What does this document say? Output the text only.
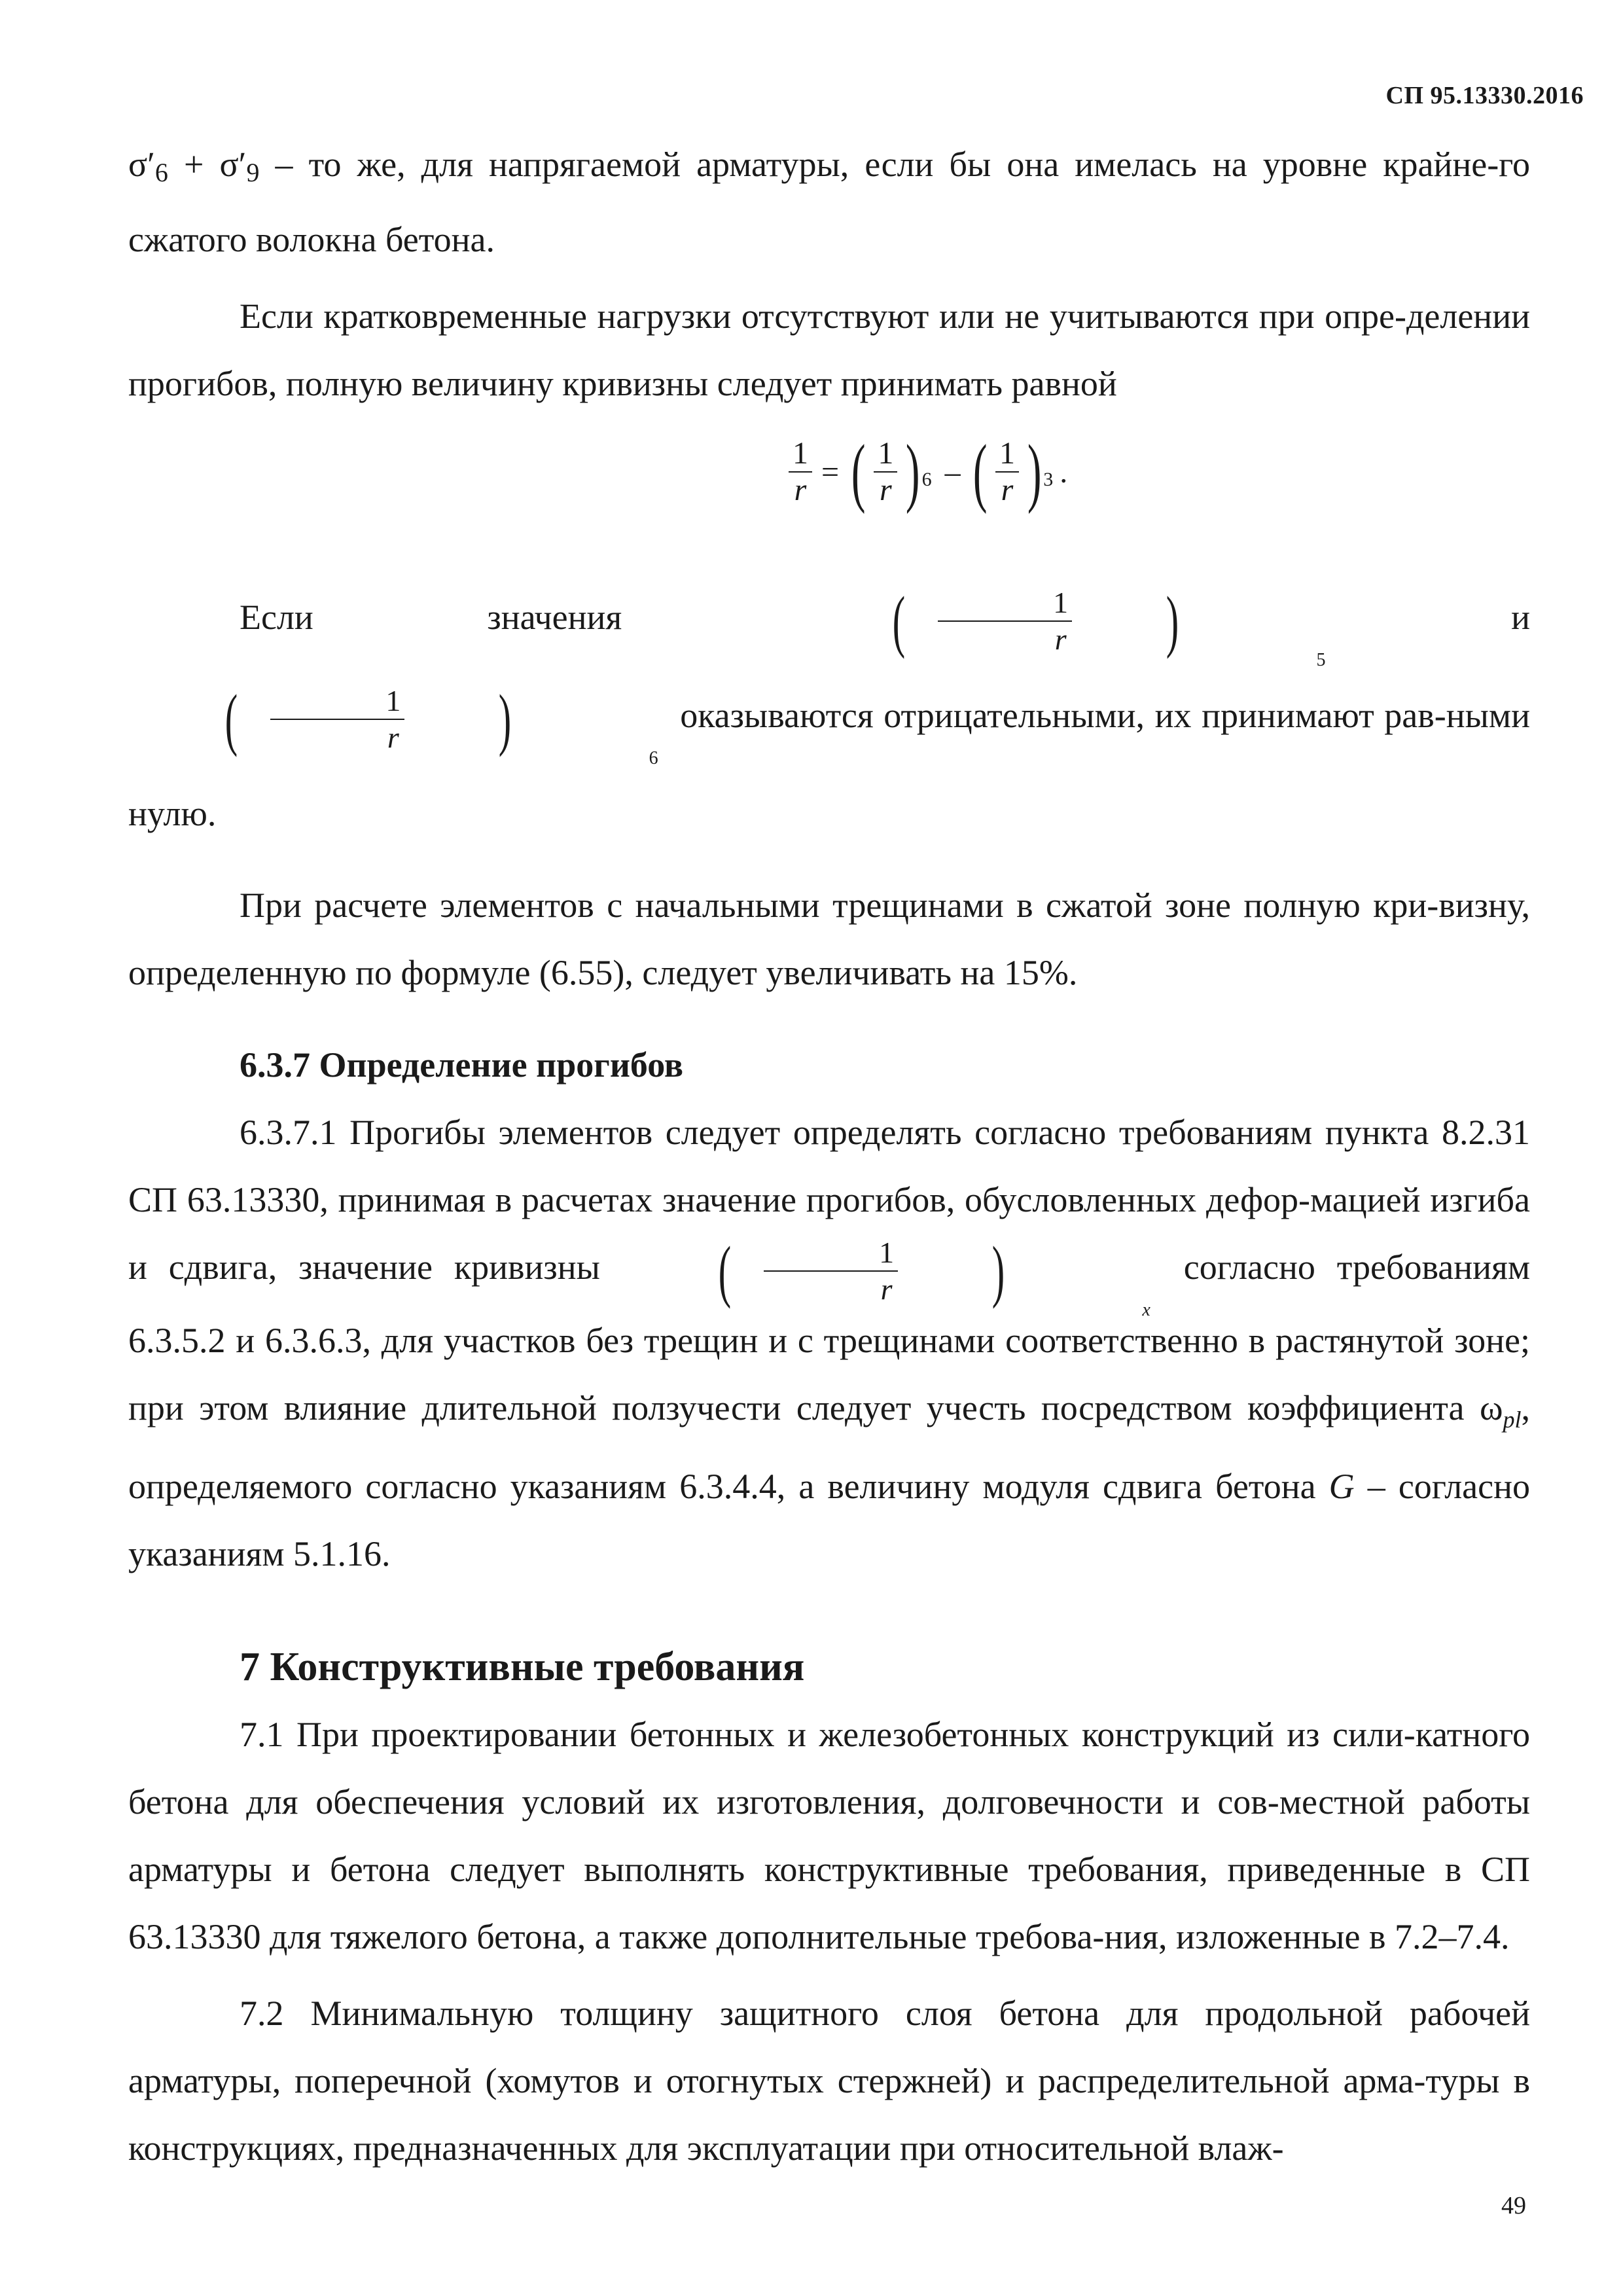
СП 95.13330.2016

σ′6 + σ′9 – то же, для напрягаемой арматуры, если бы она имелась на уровне крайне-го сжатого волокна бетона.

Если кратковременные нагрузки отсутствуют или не учитываются при опре-делении прогибов, полную величину кривизны следует принимать равной

$\frac{1}{r}$ = ( $\frac{1}{r}$ ) 6 – ( $\frac{1}{r}$ ) 3 .

Если значения	( $\frac{1}{r}$	)
5
и
( $\frac{1}{r}$	)
6
оказываются отрицательными, их принимают рав-ными нулю.

При расчете элементов с начальными трещинами в сжатой зоне полную кри-визну, определенную по формуле (6.55), следует увеличивать на 15%.

6.3.7 Определение прогибов

6.3.7.1 Прогибы элементов следует определять согласно требованиям пункта 8.2.31 СП 63.13330, принимая в расчетах значение прогибов, обусловленных дефор-мацией изгиба и сдвига, значение кривизны	( $\frac{1}{r}$	)
x
согласно требованиям 6.3.5.2 и 6.3.6.3, для участков без трещин и с трещинами соответственно в растянутой зоне; при этом влияние длительной ползучести следует учесть посредством коэффициента $\omega_{pl}$, определяемого согласно указаниям 6.3.4.4, а величину модуля сдвига бетона G – согласно указаниям 5.1.16.

7 Конструктивные требования

7.1 При проектировании бетонных и железобетонных конструкций из сили-катного бетона для обеспечения условий их изготовления, долговечности и сов-местной работы арматуры и бетона следует выполнять конструктивные требования, приведенные в СП 63.13330 для тяжелого бетона, а также дополнительные требова-ния, изложенные в 7.2–7.4.

7.2 Минимальную толщину защитного слоя бетона для продольной рабочей арматуры, поперечной (хомутов и отогнутых стержней) и распределительной арма-туры в конструкциях, предназначенных для эксплуатации при относительной влаж-

49
